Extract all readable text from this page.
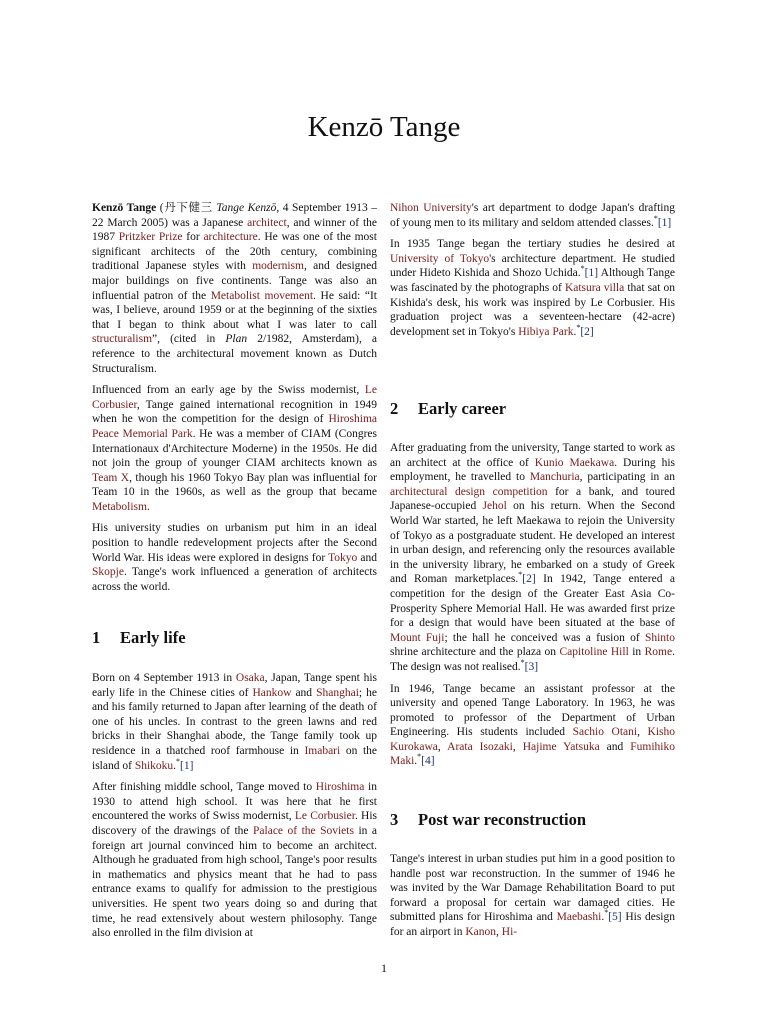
Kenzō Tange

Kenzō Tange (丹下健三 Tange Kenzō, 4 September 1913 – 22 March 2005) was a Japanese architect, and winner of the 1987 Pritzker Prize for architecture. He was one of the most significant architects of the 20th century, combining traditional Japanese styles with modernism, and designed major buildings on five continents. Tange was also an influential patron of the Metabolist movement. He said: “It was, I believe, around 1959 or at the beginning of the sixties that I began to think about what I was later to call structuralism”, (cited in Plan 2/1982, Amsterdam), a reference to the architectural movement known as Dutch Structuralism.

Influenced from an early age by the Swiss modernist, Le Corbusier, Tange gained international recognition in 1949 when he won the competition for the design of Hiroshima Peace Memorial Park. He was a member of CIAM (Congres Internationaux d'Architecture Moderne) in the 1950s. He did not join the group of younger CIAM architects known as Team X, though his 1960 Tokyo Bay plan was influential for Team 10 in the 1960s, as well as the group that became Metabolism.

His university studies on urbanism put him in an ideal position to handle redevelopment projects after the Second World War. His ideas were explored in designs for Tokyo and Skopje. Tange's work influenced a generation of architects across the world.

1	Early life

Born on 4 September 1913 in Osaka, Japan, Tange spent his early life in the Chinese cities of Hankow and Shanghai; he and his family returned to Japan after learning of the death of one of his uncles. In contrast to the green lawns and red bricks in their Shanghai abode, the Tange family took up residence in a thatched roof farmhouse in Imabari on the island of Shikoku.*[1]

After finishing middle school, Tange moved to Hiroshima in 1930 to attend high school. It was here that he first encountered the works of Swiss modernist, Le Corbusier. His discovery of the drawings of the Palace of the Soviets in a foreign art journal convinced him to become an architect. Although he graduated from high school, Tange's poor results in mathematics and physics meant that he had to pass entrance exams to qualify for admission to the prestigious universities. He spent two years doing so and during that time, he read extensively about western philosophy. Tange also enrolled in the film division at

Nihon University's art department to dodge Japan's drafting of young men to its military and seldom attended classes.*[1]

In 1935 Tange began the tertiary studies he desired at University of Tokyo's architecture department. He studied under Hideto Kishida and Shozo Uchida.*[1] Although Tange was fascinated by the photographs of Katsura villa that sat on Kishida's desk, his work was inspired by Le Corbusier. His graduation project was a seventeen-hectare (42-acre) development set in Tokyo's Hibiya Park.*[2]

2	Early career

After graduating from the university, Tange started to work as an architect at the office of Kunio Maekawa. During his employment, he travelled to Manchuria, participating in an architectural design competition for a bank, and toured Japanese-occupied Jehol on his return. When the Second World War started, he left Maekawa to rejoin the University of Tokyo as a postgraduate student. He developed an interest in urban design, and referencing only the resources available in the university library, he embarked on a study of Greek and Roman marketplaces.*[2] In 1942, Tange entered a competition for the design of the Greater East Asia Co-Prosperity Sphere Memorial Hall. He was awarded first prize for a design that would have been situated at the base of Mount Fuji; the hall he conceived was a fusion of Shinto shrine architecture and the plaza on Capitoline Hill in Rome. The design was not realised.*[3]

In 1946, Tange became an assistant professor at the university and opened Tange Laboratory. In 1963, he was promoted to professor of the Department of Urban Engineering. His students included Sachio Otani, Kisho Kurokawa, Arata Isozaki, Hajime Yatsuka and Fumihiko Maki.*[4]

3	Post war reconstruction

Tange's interest in urban studies put him in a good position to handle post war reconstruction. In the summer of 1946 he was invited by the War Damage Rehabilitation Board to put forward a proposal for certain war damaged cities. He submitted plans for Hiroshima and Maebashi.*[5] His design for an airport in Kanon, Hi-

1
